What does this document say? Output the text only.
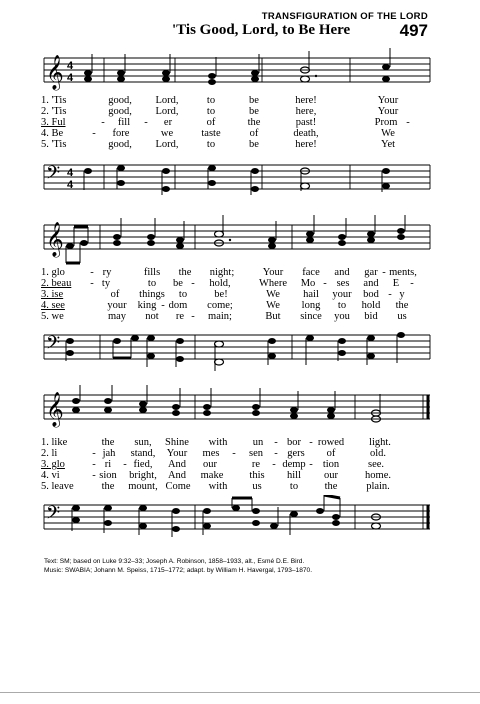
TRANSFIGURATION OF THE LORD
'Tis Good, Lord, to Be Here	497
𝄞 4
4
1. 'Tis	good, Lord,	to	be	here!	Your
2. 'Tis	good, Lord,	to	be	here,	Your
3. Ful	- fill - er	of	the	past!	Prom -
4. Be	- fore	we	taste	of	death,	We
5. 'Tis	good, Lord,	to	be	here!	Yet
𝄢 4
4
𝄞
1. glo - ry	fills the night;	Your face and gar - ments,
2. beau - ty	to be - hold,	Where Mo - ses and E -
3. ise	of things to	be!	We hail your bod - y
4. see	your king - dom come;	We long to hold the
5. we	may not re - main;	But since you bid us
𝄢
𝄞
1. like	the sun, Shine with un - bor - rowed light.
2. li	- jah stand, Your mes - sen - gers of	old.
3. glo	- ri - fied, And our	re - demp - tion	see.
4. vi	- sion bright, And make this hill our	home.
5. leave	the mount, Come with us	to	the	plain.
𝄢
Text: SM; based on Luke 9:32–33; Joseph A. Robinson, 1858–1933, alt., Esmé D.E. Bird.
Music: SWABIA; Johann M. Speiss, 1715–1772; adapt. by William H. Havergal, 1793–1870.
